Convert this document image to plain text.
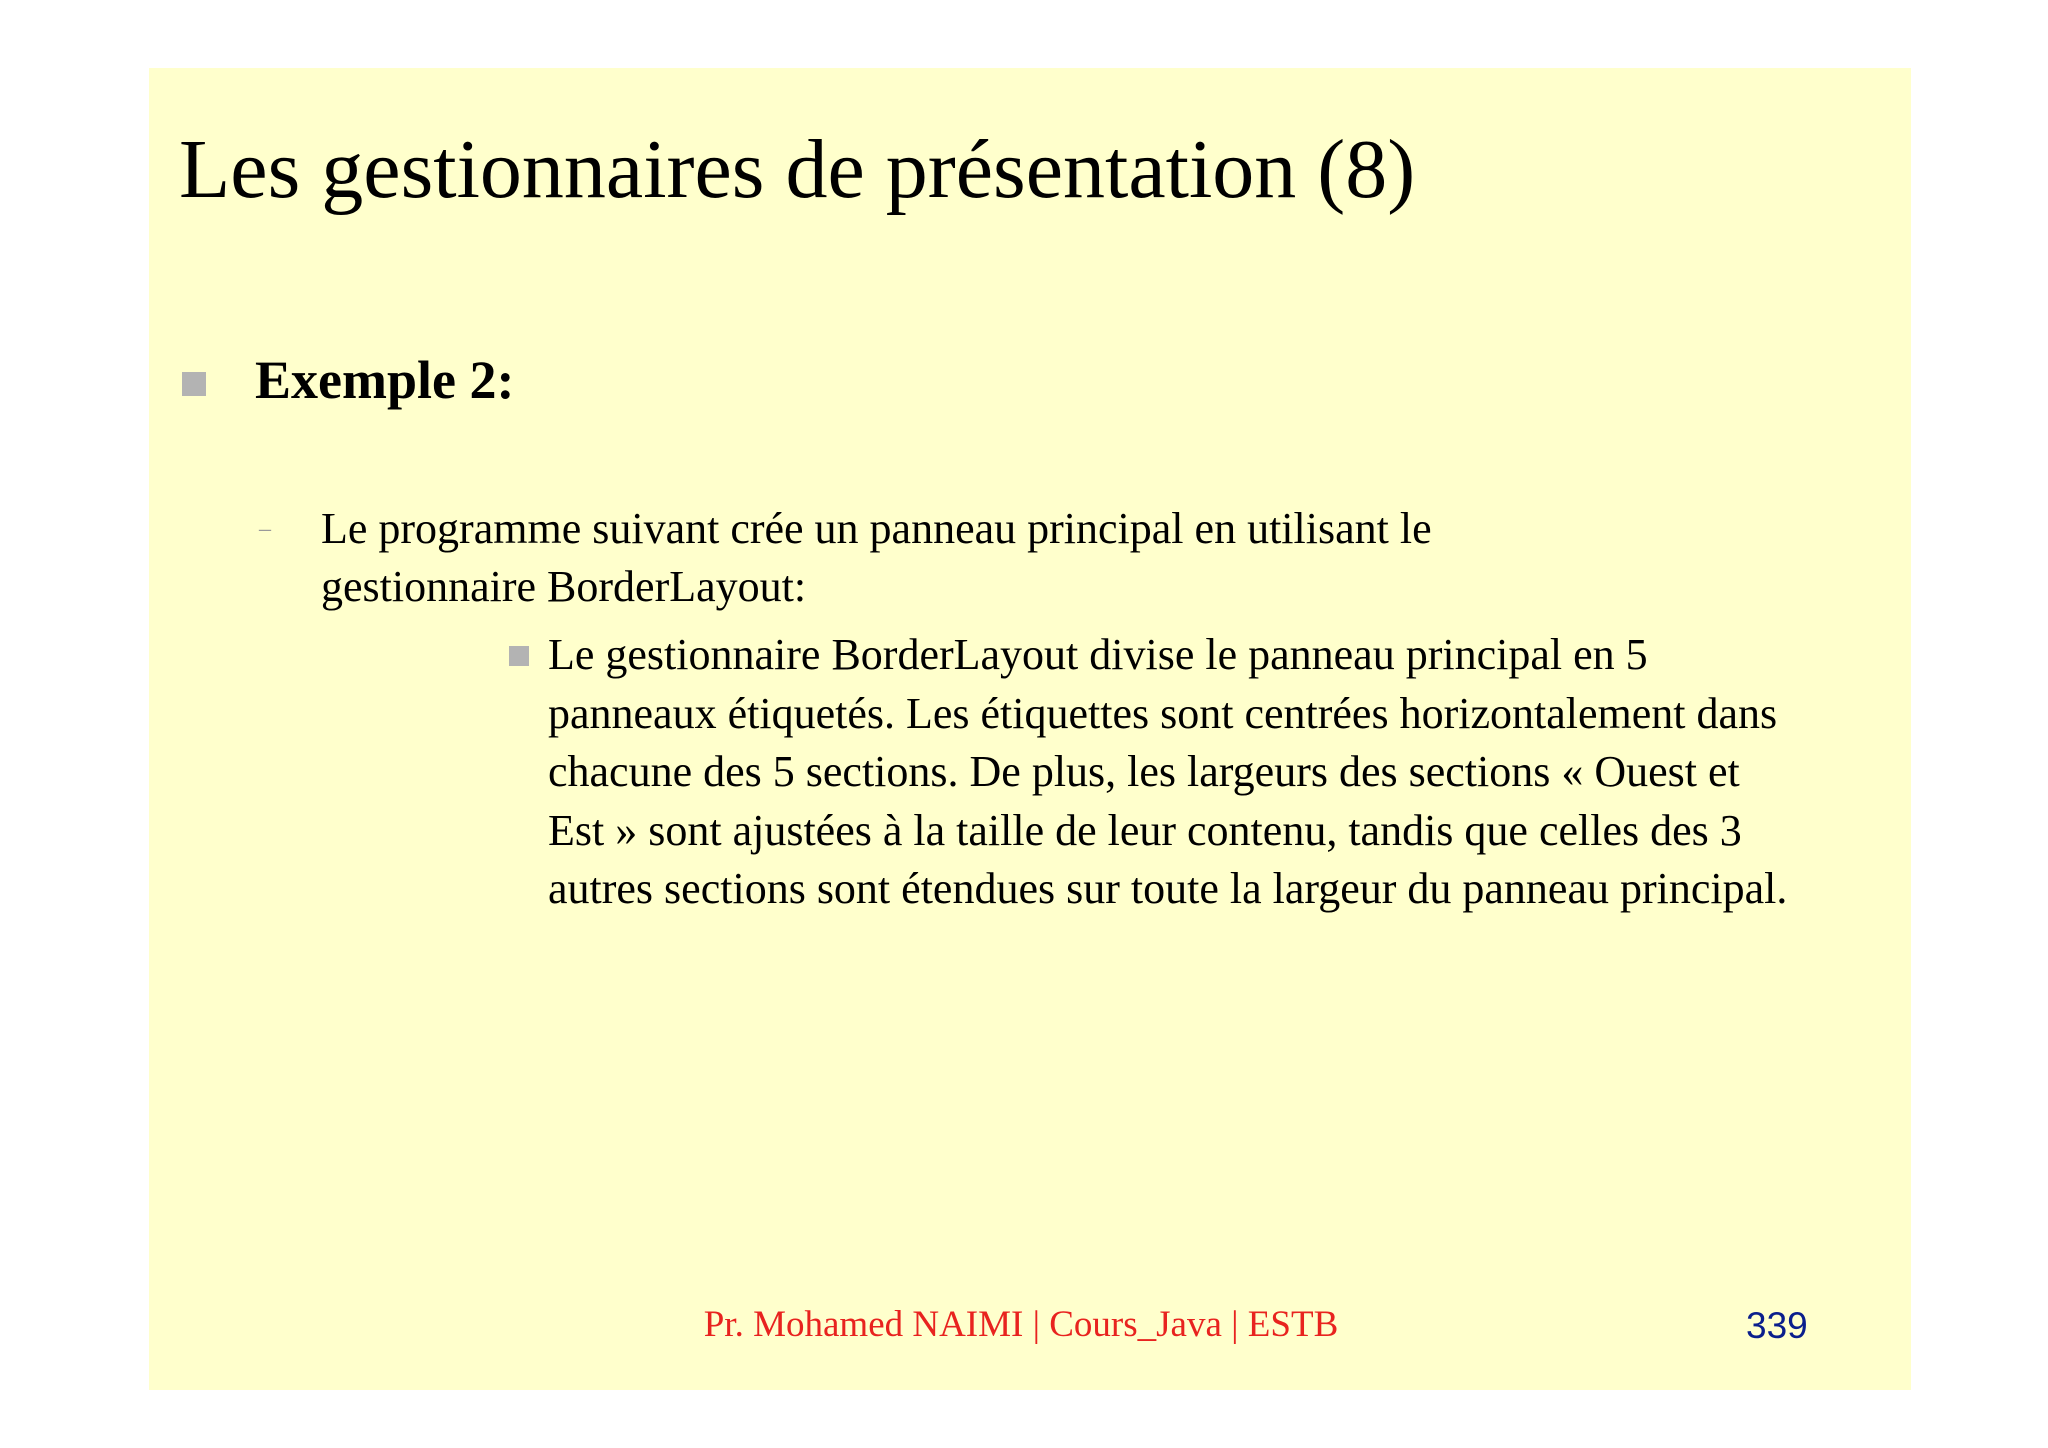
Les gestionnaires de présentation (8)
Exemple 2:
– Le programme suivant crée un panneau principal en utilisant le gestionnaire BorderLayout:
Le gestionnaire BorderLayout divise le panneau principal en 5 panneaux étiquetés. Les étiquettes sont centrées horizontalement dans chacune des 5 sections. De plus, les largeurs des sections « Ouest et Est » sont ajustées à la taille de leur contenu, tandis que celles des 3 autres sections sont étendues sur toute la largeur du panneau principal.
Pr. Mohamed NAIMI | Cours_Java | ESTB	339
